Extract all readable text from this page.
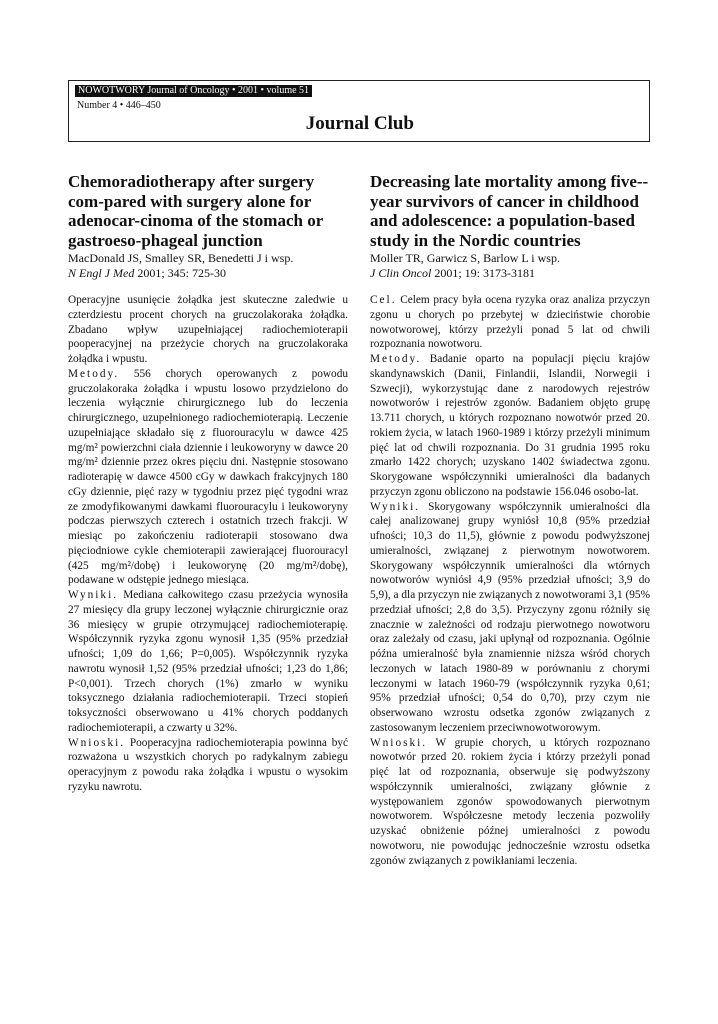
NOWOTWORY Journal of Oncology • 2001 • volume 51
Number 4 • 446–450
Journal Club
Chemoradiotherapy after surgery com-pared with surgery alone for adenocar-cinoma of the stomach or gastroeso-phageal junction
MacDonald JS, Smalley SR, Benedetti J i wsp.
N Engl J Med 2001; 345: 725-30
Decreasing late mortality among five--year survivors of cancer in childhood and adolescence: a population-based study in the Nordic countries
Moller TR, Garwicz S, Barlow L i wsp.
J Clin Oncol 2001; 19: 3173-3181

Operacyjne usunięcie żołądka jest skuteczne zaledwie u czterdziestu procent chorych na gruczolakoraka żołądka. Zbadano wpływ uzupełniającej radiochemioterapii pooperacyjnej na przeżycie chorych na gruczolakoraka żołądka i wpustu.

Metody. 556 chorych operowanych z powodu gruczolakoraka żołądka i wpustu losowo przydzielono do leczenia wyłącznie chirurgicznego lub do leczenia chirurgicznego, uzupełnionego radiochemioterapią. Leczenie uzupełniające składało się z fluorouracylu w dawce 425 mg/m² powierzchni ciała dziennie i leukoworyny w dawce 20 mg/m² dziennie przez okres pięciu dni. Następnie stosowano radioterapię w dawce 4500 cGy w dawkach frakcyjnych 180 cGy dziennie, pięć razy w tygodniu przez pięć tygodni wraz ze zmodyfikowanymi dawkami fluorouracylu i leukoworyny podczas pierwszych czterech i ostatnich trzech frakcji. W miesiąc po zakończeniu radioterapii stosowano dwa pięciodniowe cykle chemioterapii zawierającej fluorouracyl (425 mg/m²/dobę) i leukoworynę (20 mg/m²/dobę), podawane w odstępie jednego miesiąca.

Wyniki. Mediana całkowitego czasu przeżycia wynosiła 27 miesięcy dla grupy leczonej wyłącznie chirurgicznie oraz 36 miesięcy w grupie otrzymującej radiochemioterapię. Współczynnik ryzyka zgonu wynosił 1,35 (95% przedział ufności; 1,09 do 1,66; P=0,005). Współczynnik ryzyka nawrotu wynosił 1,52 (95% przedział ufności; 1,23 do 1,86; P<0,001). Trzech chorych (1%) zmarło w wyniku toksycznego działania radiochemioterapii. Trzeci stopień toksyczności obserwowano u 41% chorych poddanych radiochemioterapii, a czwarty u 32%.

Wnioski. Pooperacyjna radiochemioterapia powinna być rozważona u wszystkich chorych po radykalnym zabiegu operacyjnym z powodu raka żołądka i wpustu o wysokim ryzyku nawrotu.

Cel. Celem pracy była ocena ryzyka oraz analiza przyczyn zgonu u chorych po przebytej w dzieciństwie chorobie nowotworowej, którzy przeżyli ponad 5 lat od chwili rozpoznania nowotworu.

Metody. Badanie oparto na populacji pięciu krajów skandynawskich (Danii, Finlandii, Islandii, Norwegii i Szwecji), wykorzystując dane z narodowych rejestrów nowotworów i rejestrów zgonów. Badaniem objęto grupę 13.711 chorych, u których rozpoznano nowotwór przed 20. rokiem życia, w latach 1960-1989 i którzy przeżyli minimum pięć lat od chwili rozpoznania. Do 31 grudnia 1995 roku zmarło 1422 chorych; uzyskano 1402 świadectwa zgonu. Skorygowane współczynniki umieralności dla badanych przyczyn zgonu obliczono na podstawie 156.046 osobo-lat.

Wyniki. Skorygowany współczynnik umieralności dla całej analizowanej grupy wyniósł 10,8 (95% przedział ufności; 10,3 do 11,5), głównie z powodu podwyższonej umieralności, związanej z pierwotnym nowotworem. Skorygowany współczynnik umieralności dla wtórnych nowotworów wyniósł 4,9 (95% przedział ufności; 3,9 do 5,9), a dla przyczyn nie związanych z nowotworami 3,1 (95% przedział ufności; 2,8 do 3,5). Przyczyny zgonu różniły się znacznie w zależności od rodzaju pierwotnego nowotworu oraz zależały od czasu, jaki upłynął od rozpoznania. Ogólnie późna umieralność była znamiennie niższa wśród chorych leczonych w latach 1980-89 w porównaniu z chorymi leczonymi w latach 1960-79 (współczynnik ryzyka 0,61; 95% przedział ufności; 0,54 do 0,70), przy czym nie obserwowano wzrostu odsetka zgonów związanych z zastosowanym leczeniem przeciwnowotworowym.

Wnioski. W grupie chorych, u których rozpoznano nowotwór przed 20. rokiem życia i którzy przeżyli ponad pięć lat od rozpoznania, obserwuje się podwyższony współczynnik umieralności, związany głównie z występowaniem zgonów spowodowanych pierwotnym nowotworem. Współczesne metody leczenia pozwoliły uzyskać obniżenie późnej umieralności z powodu nowotworu, nie powodując jednocześnie wzrostu odsetka zgonów związanych z powikłaniami leczenia.
